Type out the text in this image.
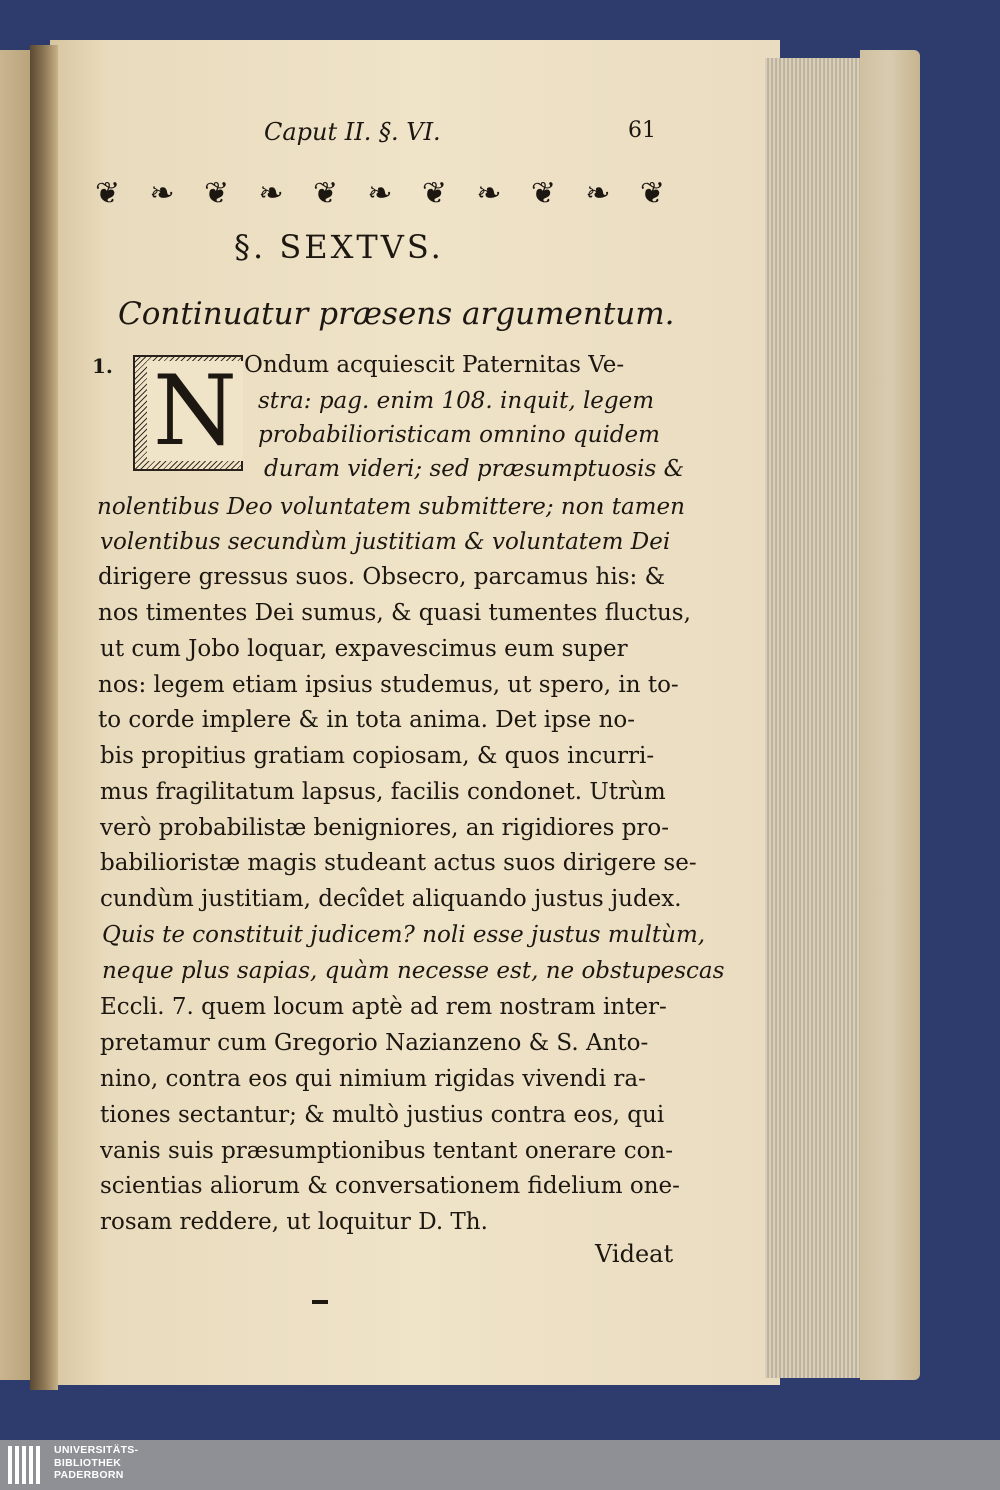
Caput II. §. VI.	61
❦ ❧ ❦ ❧ ❦ ❧ ❦ ❧ ❦ ❧ ❦
§. SEXTVS.
Continuatur præsens argumentum.
1. N Ondum acquiescit Paternitas Ve-
stra: pag. enim 108. inquit, legem
probabilioristicam omnino quidem
duram videri; sed præsumptuosis &
nolentibus Deo voluntatem submittere; non tamen
volentibus secundùm justitiam & voluntatem Dei
dirigere gressus suos. Obsecro, parcamus his: &
nos timentes Dei sumus, & quasi tumentes fluctus,
ut cum Jobo loquar, expavescimus eum super
nos: legem etiam ipsius studemus, ut spero, in to-
to corde implere & in tota anima. Det ipse no-
bis propitius gratiam copiosam, & quos incurri-
mus fragilitatum lapsus, facilis condonet. Utrùm
verò probabilistæ benigniores, an rigidiores pro-
babilioristæ magis studeant actus suos dirigere se-
cundùm justitiam, decîdet aliquando justus judex.
Quis te constituit judicem? noli esse justus multùm,
neque plus sapias, quàm necesse est, ne obstupescas
Eccli. 7. quem locum aptè ad rem nostram inter-
pretamur cum Gregorio Nazianzeno & S. Anto-
nino, contra eos qui nimium rigidas vivendi ra-
tiones sectantur; & multò justius contra eos, qui
vanis suis præsumptionibus tentant onerare con-
scientias aliorum & conversationem fidelium one-
rosam reddere, ut loquitur D. Th.
Videat
UNIVERSITÄTS-
BIBLIOTHEK
PADERBORN
